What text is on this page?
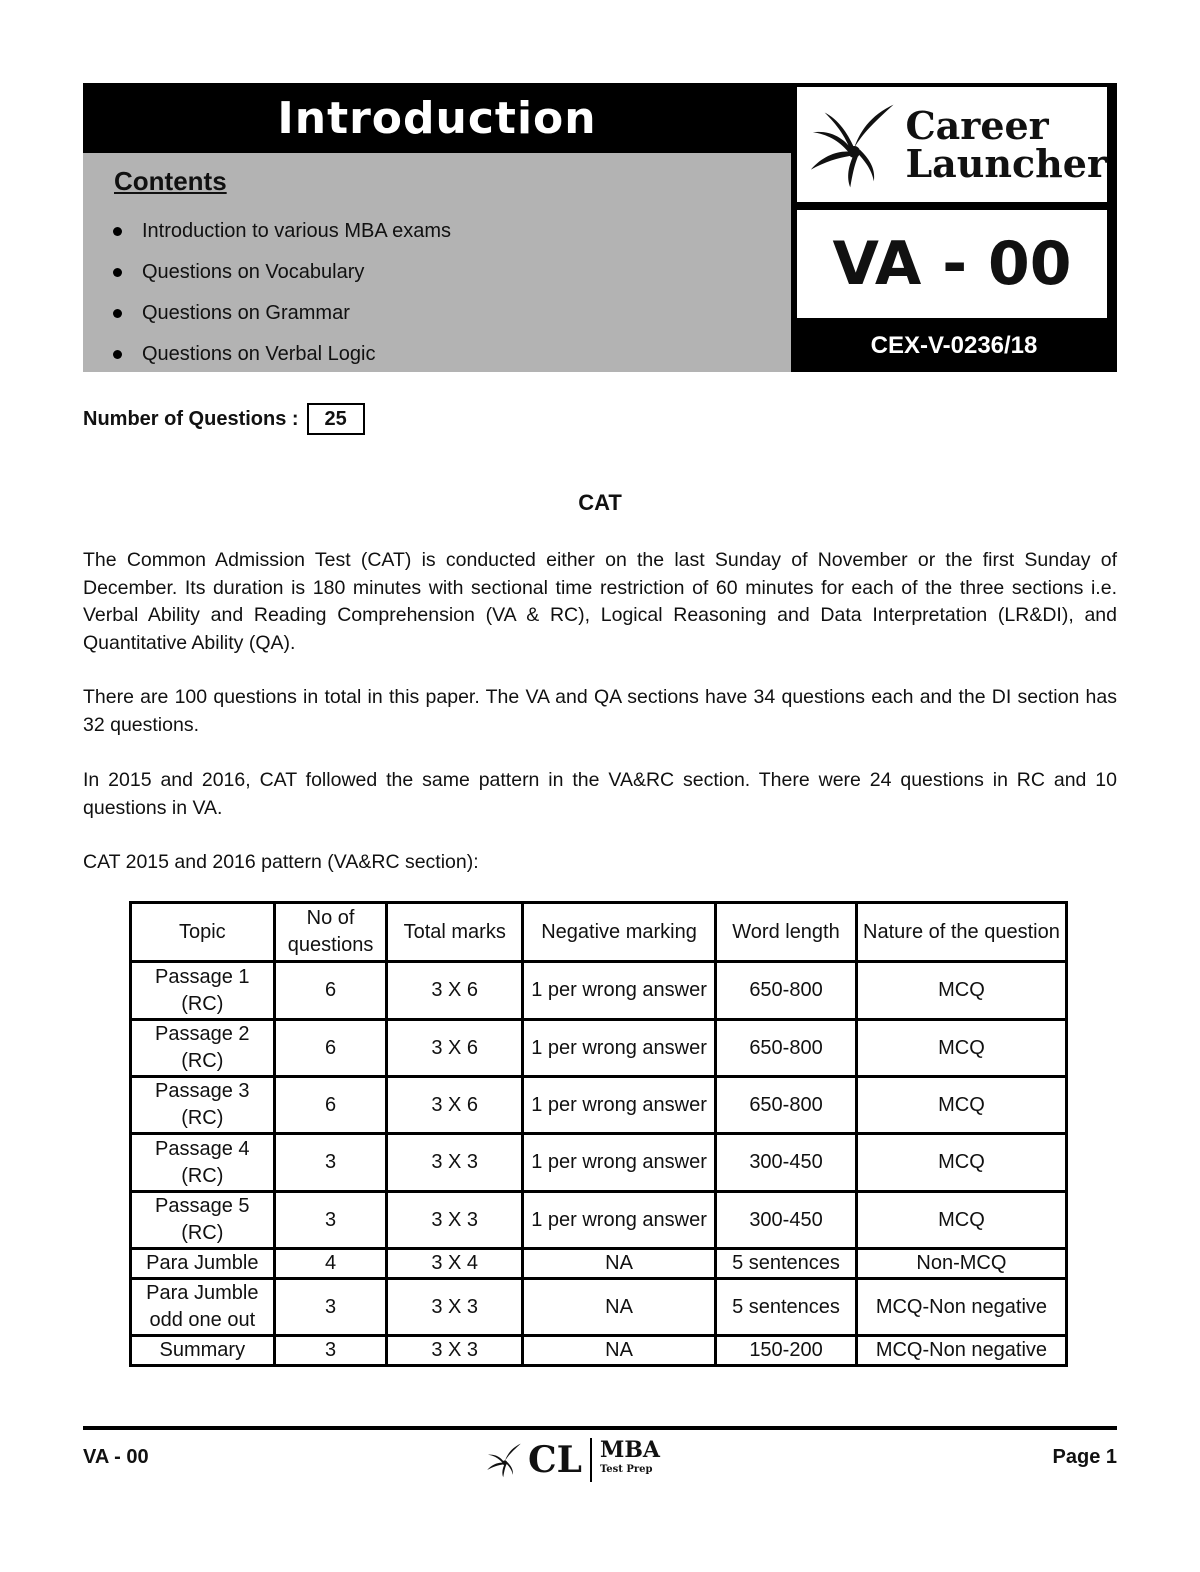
Introduction
Contents
Introduction to various MBA exams
Questions on Vocabulary
Questions on Grammar
Questions on Verbal Logic
Career
Launcher
VA - 00
CEX-V-0236/18
Number of Questions :	25
CAT

The Common Admission Test (CAT) is conducted either on the last Sunday of November or the first Sunday of December. Its duration is 180 minutes with sectional time restriction of 60 minutes for each of the three sections i.e. Verbal Ability and Reading Comprehension (VA & RC), Logical Reasoning and Data Interpretation (LR&DI), and Quantitative Ability (QA).

There are 100 questions in total in this paper. The VA and QA sections have 34 questions each and the DI section has 32 questions.

In 2015 and 2016, CAT followed the same pattern in the VA&RC section. There were 24 questions in RC and 10 questions in VA.

CAT 2015 and 2016 pattern (VA&RC section):

Topic	No of questions	Total marks	Negative marking	Word length	Nature of the question
Passage 1 (RC)	6	3 X 6	1 per wrong answer	650-800	MCQ
Passage 2 (RC)	6	3 X 6	1 per wrong answer	650-800	MCQ
Passage 3 (RC)	6	3 X 6	1 per wrong answer	650-800	MCQ
Passage 4 (RC)	3	3 X 3	1 per wrong answer	300-450	MCQ
Passage 5 (RC)	3	3 X 3	1 per wrong answer	300-450	MCQ
Para Jumble	4	3 X 4	NA	5 sentences	Non-MCQ
Para Jumble odd one out	3	3 X 3	NA	5 sentences	MCQ-Non negative
Summary	3	3 X 3	NA	150-200	MCQ-Non negative
VA - 00	CL MBA
Test Prep
Page 1
